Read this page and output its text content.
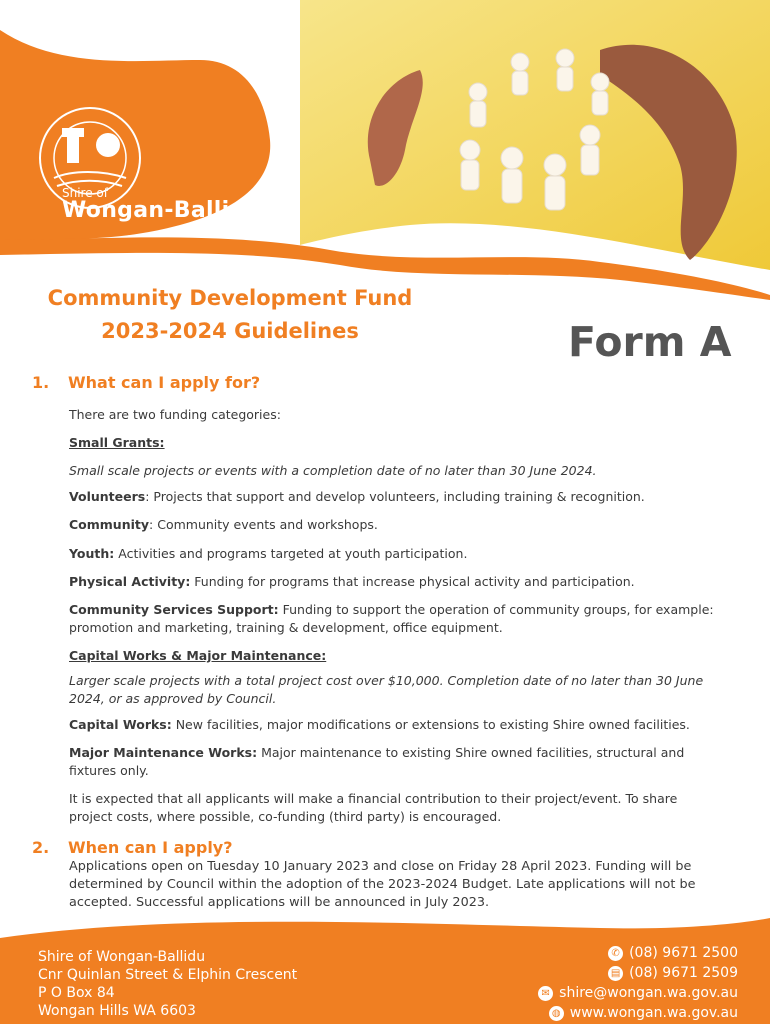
Shire of
Wongan-Ballidu
Community Development Fund
2023-2024 Guidelines	Form A
1. What can I apply for?
There are two funding categories:
Small Grants:
Small scale projects or events with a completion date of no later than 30 June 2024.
Volunteers: Projects that support and develop volunteers, including training & recognition.
Community: Community events and workshops.
Youth: Activities and programs targeted at youth participation.
Physical Activity: Funding for programs that increase physical activity and participation.
Community Services Support: Funding to support the operation of community groups, for example: promotion and marketing, training & development, office equipment.
Capital Works & Major Maintenance:
Larger scale projects with a total project cost over $10,000. Completion date of no later than 30 June 2024, or as approved by Council.
Capital Works: New facilities, major modifications or extensions to existing Shire owned facilities.
Major Maintenance Works: Major maintenance to existing Shire owned facilities, structural and fixtures only.
It is expected that all applicants will make a financial contribution to their project/event. To share project costs, where possible, co-funding (third party) is encouraged.
2. When can I apply?
Applications open on Tuesday 10 January 2023 and close on Friday 28 April 2023. Funding will be determined by Council within the adoption of the 2023-2024 Budget. Late applications will not be accepted. Successful applications will be announced in July 2023.
Shire of Wongan-Ballidu
Cnr Quinlan Street & Elphin Crescent
P O Box 84
Wongan Hills WA 6603
✆ (08) 9671 2500
▤ (08) 9671 2509
✉ shire@wongan.wa.gov.au
◍ www.wongan.wa.gov.au
